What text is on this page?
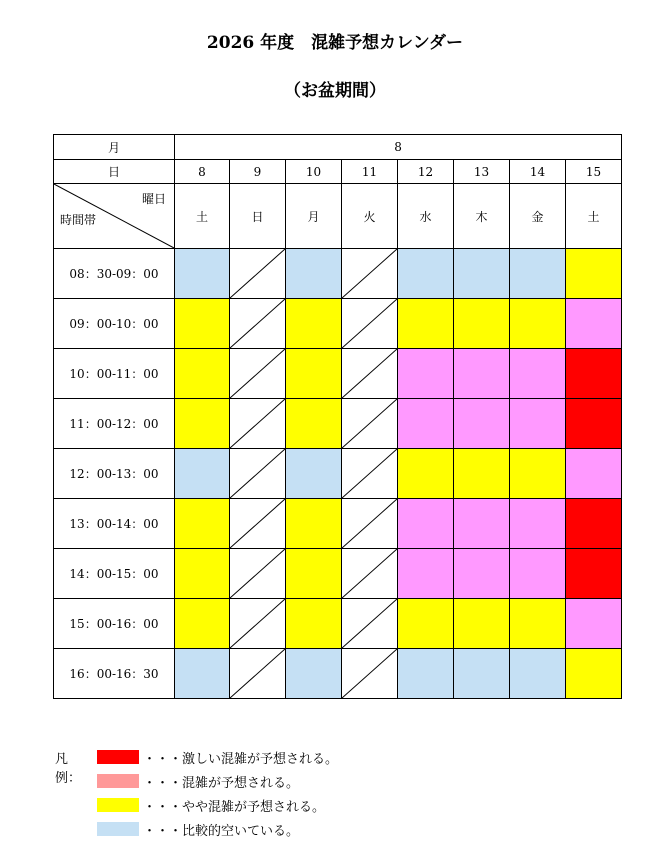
2026 年度　混雑予想カレンダー
（お盆期間）
月	8							
日	8	9	10	11	12	13	14	15

曜日
時間帯	土	日	月	火	水	木	金	土
08：30-09：00		

09：00-10：00		

10：00-11：00		

11：00-12：00		

12：00-13：00		

13：00-14：00		

14：00-15：00		

15：00-16：00		

16：00-16：30		

凡例：
・・・激しい混雑が予想される。
・・・混雑が予想される。
・・・やや混雑が予想される。
・・・比較的空いている。
